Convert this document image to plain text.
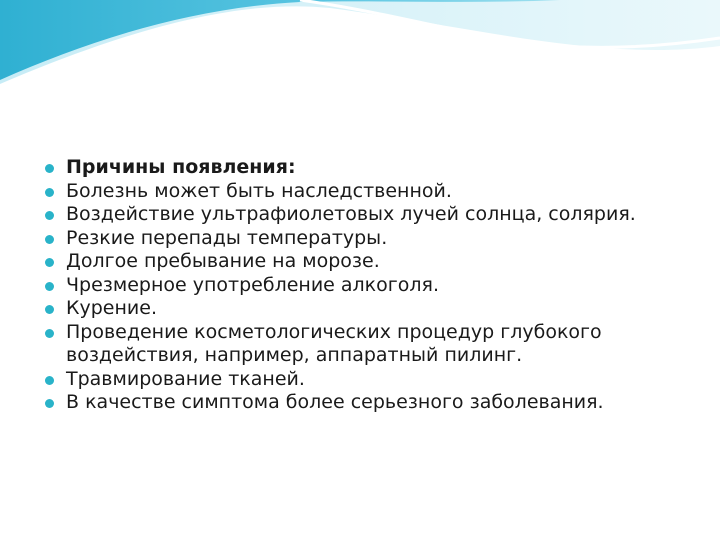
Причины появления:
Болезнь может быть наследственной.
Воздействие ультрафиолетовых лучей солнца, солярия.
Резкие перепады температуры.
Долгое пребывание на морозе.
Чрезмерное употребление алкоголя.
Курение.
Проведение косметологических процедур глубокого воздействия, например, аппаратный пилинг.
Травмирование тканей.
В качестве симптома более серьезного заболевания.
